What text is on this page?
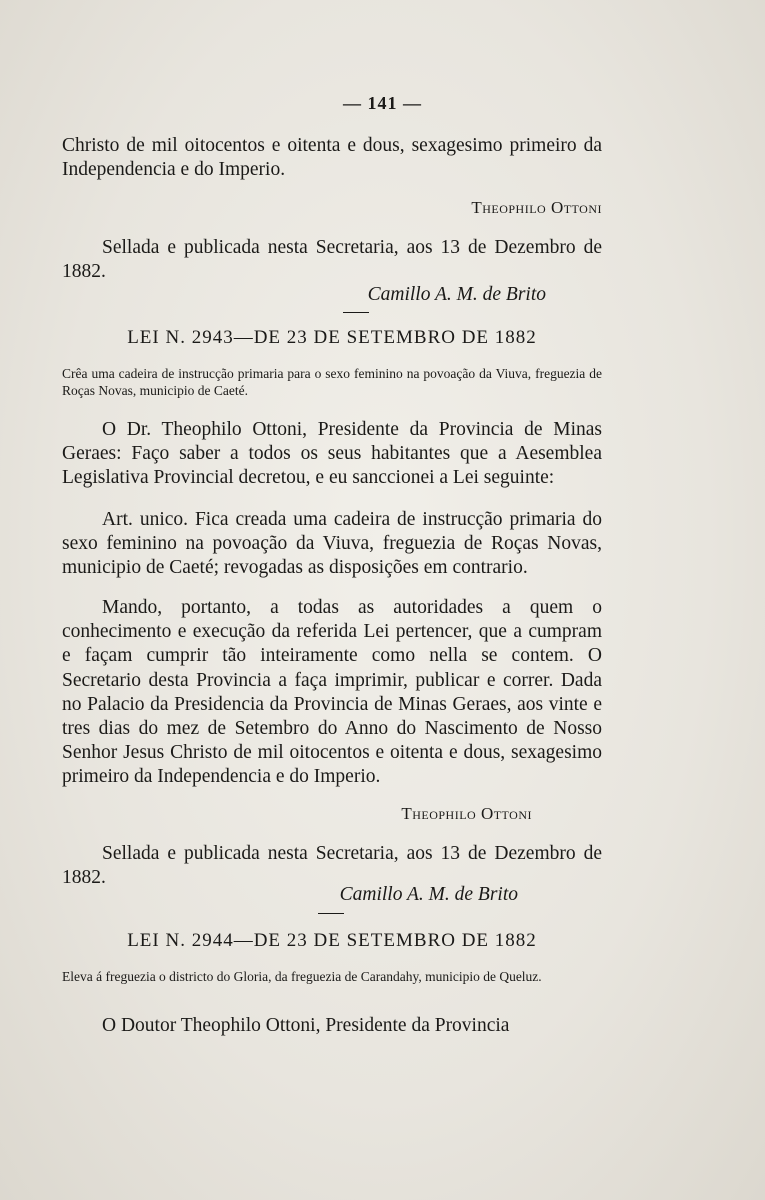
— 141 —

Christo de mil oitocentos e oitenta e dous, sexagesimo primeiro da Independencia e do Imperio.

Theophilo Ottoni

Sellada e publicada nesta Secretaria, aos 13 de Dezembro de 1882.

Camillo A. M. de Brito

LEI N. 2943—DE 23 DE SETEMBRO DE 1882

Crêa uma cadeira de instrucção primaria para o sexo feminino na povoação da Viuva, freguezia de Roças Novas, municipio de Caeté.

O Dr. Theophilo Ottoni, Presidente da Provincia de Minas Geraes: Faço saber a todos os seus habitantes que a Aesemblea Legislativa Provincial decretou, e eu sanccionei a Lei seguinte:

Art. unico. Fica creada uma cadeira de instrucção primaria do sexo feminino na povoação da Viuva, freguezia de Roças Novas, municipio de Caeté; revogadas as disposições em contrario.

Mando, portanto, a todas as autoridades a quem o conhecimento e execução da referida Lei pertencer, que a cumpram e façam cumprir tão inteiramente como nella se contem. O Secretario desta Provincia a faça imprimir, publicar e correr. Dada no Palacio da Presidencia da Provincia de Minas Geraes, aos vinte e tres dias do mez de Setembro do Anno do Nascimento de Nosso Senhor Jesus Christo de mil oitocentos e oitenta e dous, sexagesimo primeiro da Independencia e do Imperio.

Theophilo Ottoni

Sellada e publicada nesta Secretaria, aos 13 de Dezembro de 1882.

Camillo A. M. de Brito

LEI N. 2944—DE 23 DE SETEMBRO DE 1882

Eleva á freguezia o districto do Gloria, da freguezia de Carandahy, municipio de Queluz.

O Doutor Theophilo Ottoni, Presidente da Provincia
